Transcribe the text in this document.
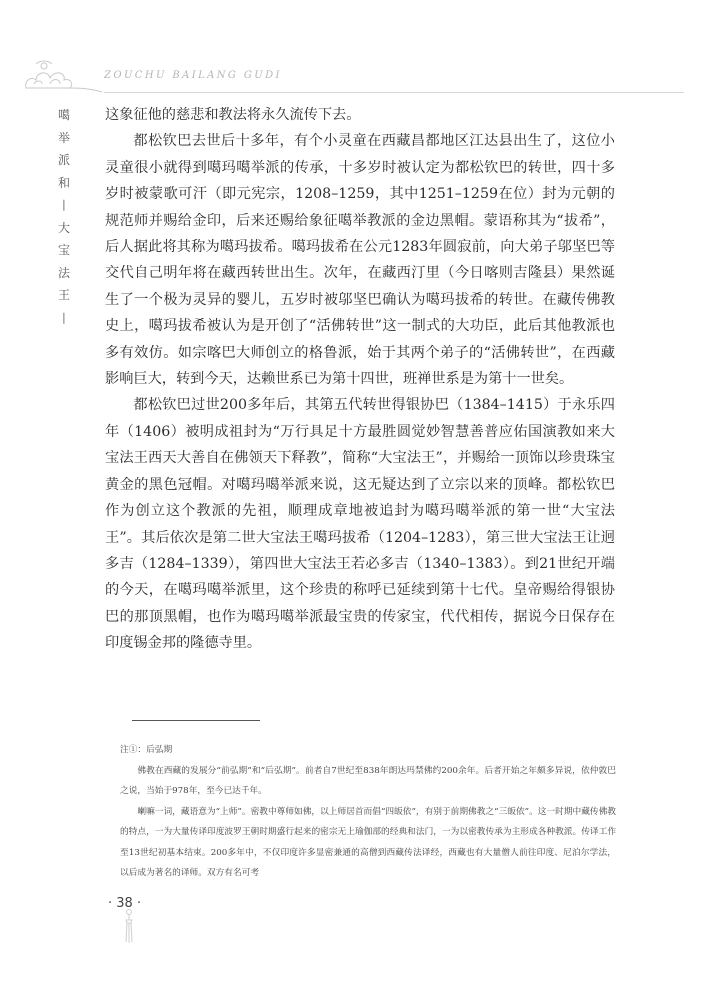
ZOUCHU BAILANG GUDI
噶
举
派
和
—
大
宝
法
王
—

这象征他的慈悲和教法将永久流传下去。

都松钦巴去世后十多年，有个小灵童在西藏昌都地区江达县出生了，这位小灵童很小就得到噶玛噶举派的传承，十多岁时被认定为都松钦巴的转世，四十多岁时被蒙歌可汗（即元宪宗，1208–1259，其中1251–1259在位）封为元朝的规范师并赐给金印，后来还赐给象征噶举教派的金边黑帽。蒙语称其为“拔希”，后人据此将其称为噶玛拔希。噶玛拔希在公元1283年圆寂前，向大弟子邬坚巴等交代自己明年将在藏西转世出生。次年，在藏西汀里（今日喀则吉隆县）果然诞生了一个极为灵异的婴儿，五岁时被邬坚巴确认为噶玛拔希的转世。在藏传佛教史上，噶玛拔希被认为是开创了“活佛转世”这一制式的大功臣，此后其他教派也多有效仿。如宗喀巴大师创立的格鲁派，始于其两个弟子的“活佛转世”，在西藏影响巨大，转到今天，达赖世系已为第十四世，班禅世系是为第十一世矣。

都松钦巴过世200多年后，其第五代转世得银协巴（1384–1415）于永乐四年（1406）被明成祖封为“万行具足十方最胜圆觉妙智慧善普应佑国演教如来大宝法王西天大善自在佛领天下释教”，简称“大宝法王”，并赐给一顶饰以珍贵珠宝黄金的黑色冠帽。对噶玛噶举派来说，这无疑达到了立宗以来的顶峰。都松钦巴作为创立这个教派的先祖，顺理成章地被追封为噶玛噶举派的第一世“大宝法王”。其后依次是第二世大宝法王噶玛拔希（1204–1283），第三世大宝法王让迥多吉（1284–1339），第四世大宝法王若必多吉（1340–1383）。到21世纪开端的今天，在噶玛噶举派里，这个珍贵的称呼已延续到第十七代。皇帝赐给得银协巴的那顶黑帽，也作为噶玛噶举派最宝贵的传家宝，代代相传，据说今日保存在印度锡金邦的隆德寺里。

注①：后弘期

佛教在西藏的发展分“前弘期”和“后弘期”。前者自7世纪至838年朗达玛禁佛约200余年。后者开始之年颇多异说，依仲敦巴之说，当始于978年，至今已达千年。

喇嘛一词，藏语意为“上师”。密教中尊师如佛，以上师居首而倡“四皈依”，有别于前期佛教之“三皈依”。这一时期中藏传佛教的特点，一为大量传译印度波罗王朝时期盛行起来的密宗无上瑜伽部的经典和法门，一为以密教传承为主形成各种教派。传译工作至13世纪初基本结束。200多年中，不仅印度许多显密兼通的高僧到西藏传法译经，西藏也有大量僧人前往印度、尼泊尔学法，以后成为著名的译师。双方有名可考

· 38 ·
